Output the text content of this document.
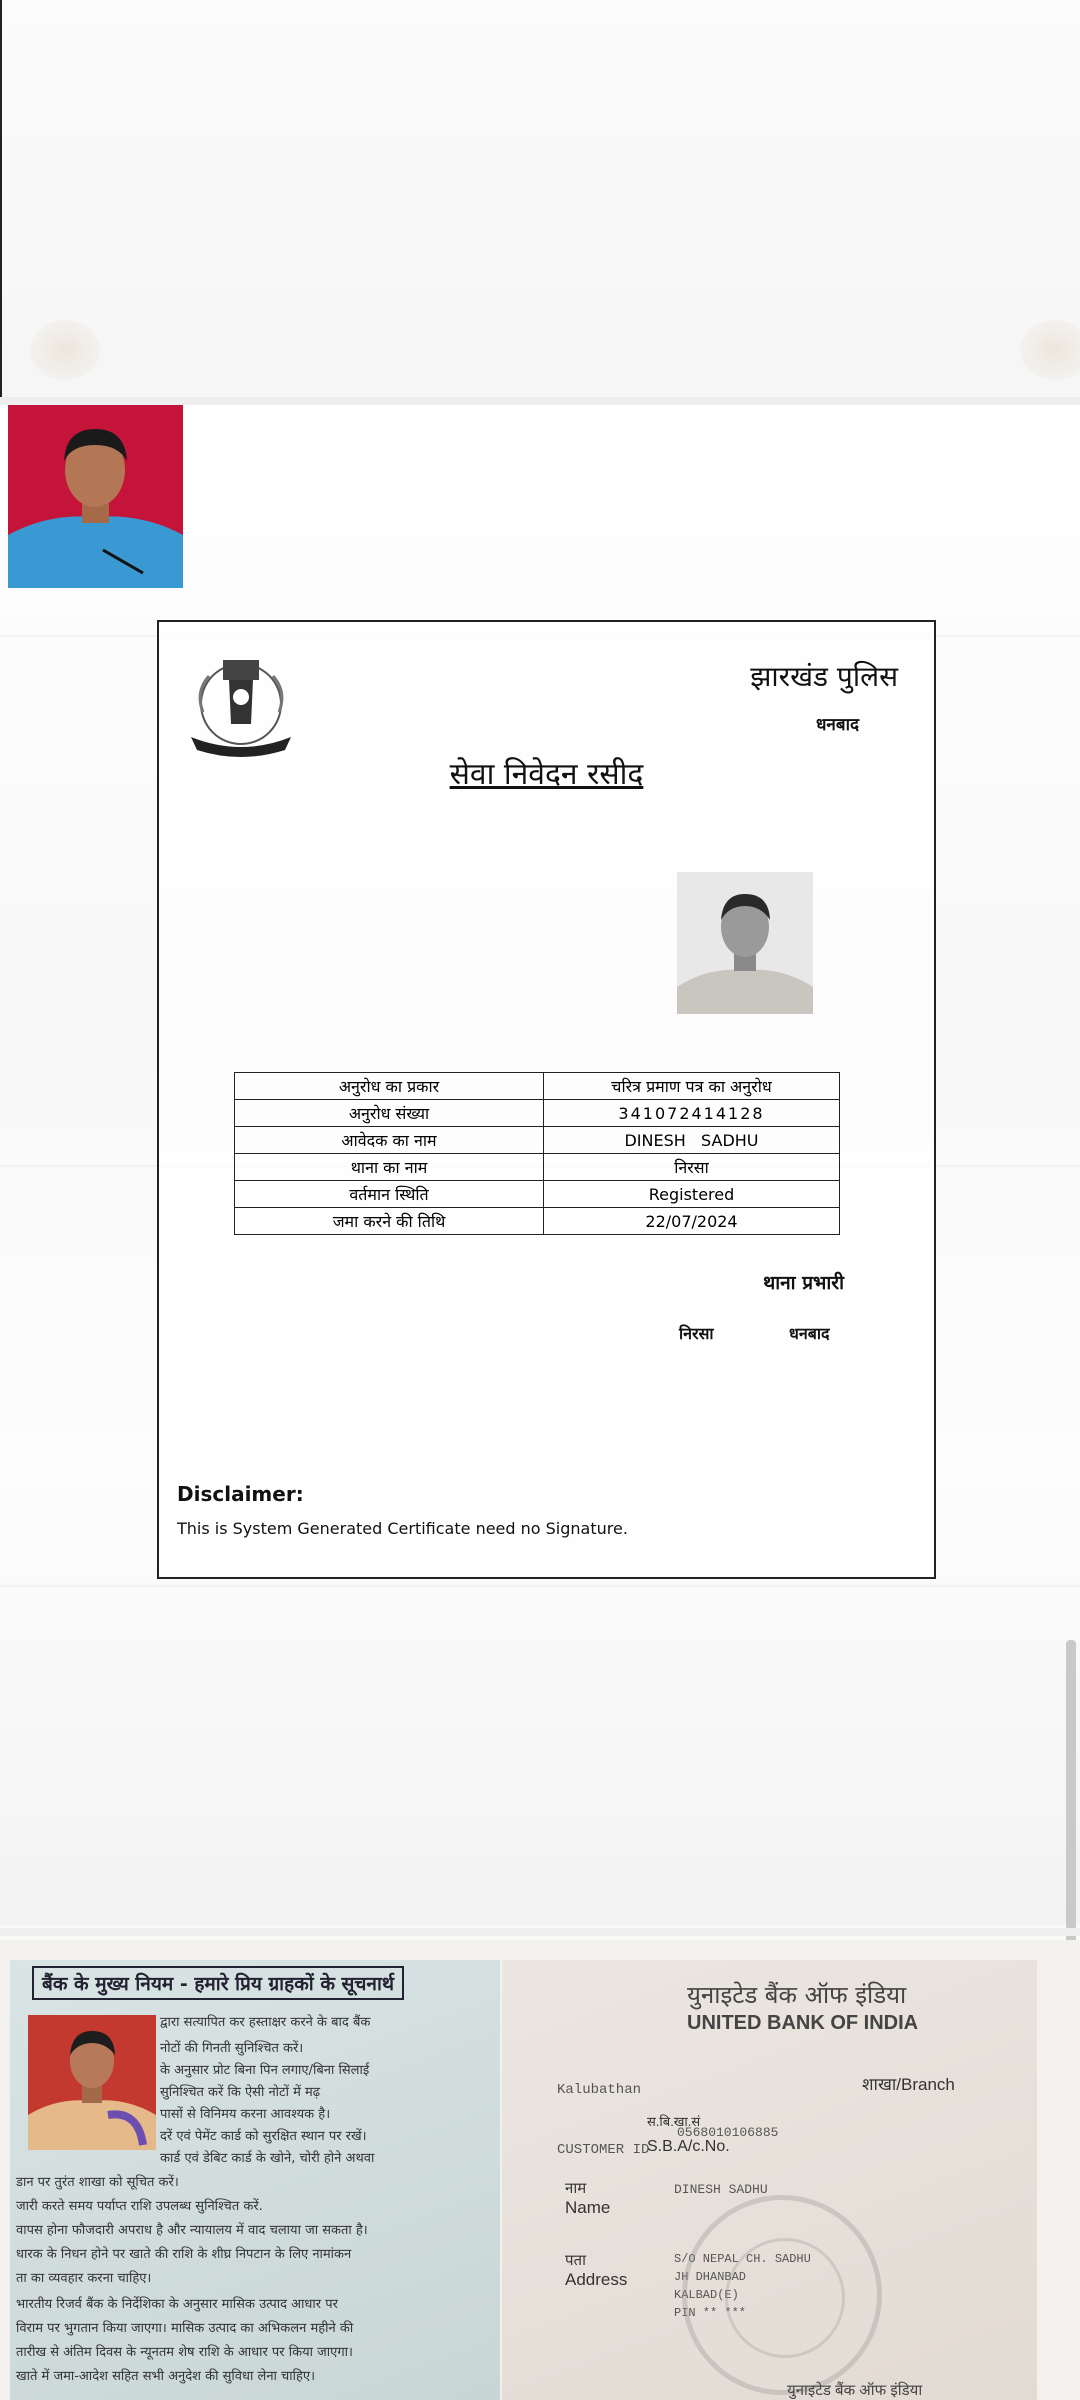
झारखंड पुलिस
धनबाद
सेवा निवेदन रसीद
अनुरोध का प्रकार	चरित्र प्रमाण पत्र का अनुरोध
अनुरोध संख्या	341072414128
आवेदक का नाम	DINESH   SADHU
थाना का नाम	निरसा
वर्तमान स्थिति	Registered
जमा करने की तिथि	22/07/2024
थाना प्रभारी
निरसा	धनबाद
Disclaimer:
This is System Generated Certificate need no Signature.
बैंक के मुख्य नियम - हमारे प्रिय ग्राहकों के सूचनार्थ
द्वारा सत्यापित कर हस्ताक्षर करने के बाद बैंक
नोटों की गिनती सुनिश्चित करें।
के अनुसार प्रोट बिना पिन लगाए/बिना सिलाई
सुनिश्चित करें कि ऐसी नोटों में मढ़
पासों से विनिमय करना आवश्यक है।
दरें एवं पेमेंट कार्ड को सुरक्षित स्थान पर रखें।
कार्ड एवं डेबिट कार्ड के खोने, चोरी होने अथवा
डान पर तुरंत शाखा को सूचित करें।
जारी करते समय पर्याप्त राशि उपलब्ध सुनिश्चित करें.
वापस होना फौजदारी अपराध है और न्यायालय में वाद चलाया जा सकता है।
धारक के निधन होने पर खाते की राशि के शीघ्र निपटान के लिए नामांकन
ता का व्यवहार करना चाहिए।
भारतीय रिजर्व बैंक के निर्देशिका के अनुसार मासिक उत्पाद आधार पर
विराम पर भुगतान किया जाएगा। मासिक उत्पाद का अभिकलन महीने की
तारीख से अंतिम दिवस के न्यूनतम शेष राशि के आधार पर किया जाएगा।
खाते में जमा-आदेश सहित सभी अनुदेश की सुविधा लेना चाहिए।
युनाइटेड बैंक ऑफ इंडिया
UNITED BANK OF INDIA
Kalubathan	शाखा/Branch
स.बि.खा.सं
0568010106885
CUSTOMER ID
S.B.A/c.No.
नाम
Name
DINESH SADHU
पता
Address
S/O NEPAL CH. SADHU
JH DHANBAD
KALBAD(E)
PIN ** ***
युनाइटेड बैंक ऑफ इंडिया
